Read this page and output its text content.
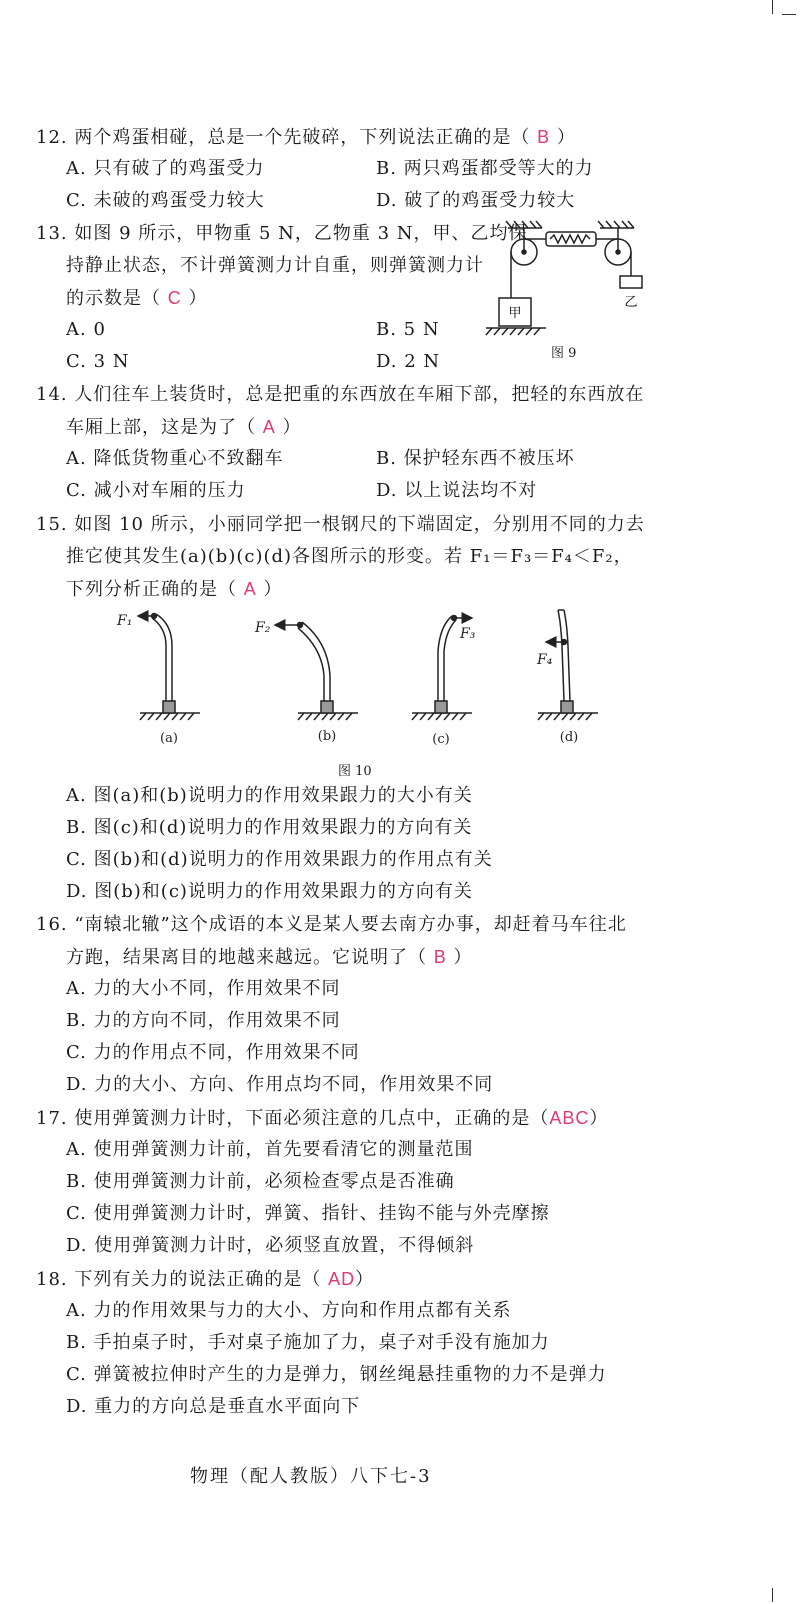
12. 两个鸡蛋相碰，总是一个先破碎，下列说法正确的是（ B ）
A. 只有破了的鸡蛋受力	B. 两只鸡蛋都受等大的力
C. 未破的鸡蛋受力较大	D. 破了的鸡蛋受力较大
13. 如图 9 所示，甲物重 5 N，乙物重 3 N，甲、乙均保
持静止状态，不计弹簧测力计自重，则弹簧测力计
的示数是（ C ）
A. 0	B. 5 N
C. 3 N	D. 2 N
甲
乙
图 9
14. 人们往车上装货时，总是把重的东西放在车厢下部，把轻的东西放在
车厢上部，这是为了（ A ）
A. 降低货物重心不致翻车	B. 保护轻东西不被压坏
C. 减小对车厢的压力	D. 以上说法均不对
15. 如图 10 所示，小丽同学把一根钢尺的下端固定，分别用不同的力去
推它使其发生(a)(b)(c)(d)各图所示的形变。若 F₁＝F₃＝F₄＜F₂，
下列分析正确的是（ A ）
F₁	F₂	F₃
F₄
(a)	(b)	(c)	(d)
图 10
A. 图(a)和(b)说明力的作用效果跟力的大小有关
B. 图(c)和(d)说明力的作用效果跟力的方向有关
C. 图(b)和(d)说明力的作用效果跟力的作用点有关
D. 图(b)和(c)说明力的作用效果跟力的方向有关
16. “南辕北辙”这个成语的本义是某人要去南方办事，却赶着马车往北
方跑，结果离目的地越来越远。它说明了（ B ）
A. 力的大小不同，作用效果不同
B. 力的方向不同，作用效果不同
C. 力的作用点不同，作用效果不同
D. 力的大小、方向、作用点均不同，作用效果不同
17. 使用弹簧测力计时，下面必须注意的几点中，正确的是（ABC）
A. 使用弹簧测力计前，首先要看清它的测量范围
B. 使用弹簧测力计前，必须检查零点是否准确
C. 使用弹簧测力计时，弹簧、指针、挂钩不能与外壳摩擦
D. 使用弹簧测力计时，必须竖直放置，不得倾斜
18. 下列有关力的说法正确的是（ AD）
A. 力的作用效果与力的大小、方向和作用点都有关系
B. 手拍桌子时，手对桌子施加了力，桌子对手没有施加力
C. 弹簧被拉伸时产生的力是弹力，钢丝绳悬挂重物的力不是弹力
D. 重力的方向总是垂直水平面向下
物理（配人教版）八下七-3
